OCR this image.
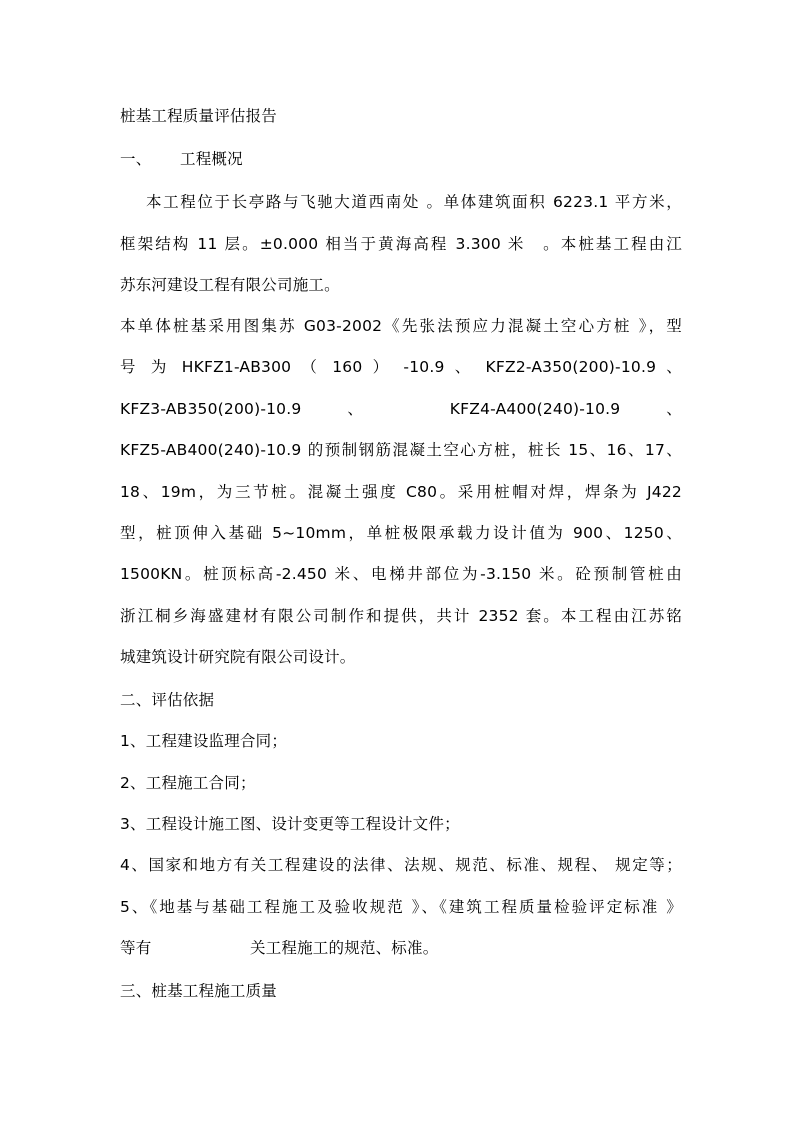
桩基工程质量评估报告
一、 工程概况
本工程位于长亭路与飞驰大道西南处 。单体建筑面积 6223.1 平方米，
框架结构 11 层。±0.000 相当于黄海高程 3.300 米　。本桩基工程由江
苏东河建设工程有限公司施工。
本单体桩基采用图集苏 G03-2002《先张法预应力混凝土空心方桩 》，型
号 为 HKFZ1-AB300 （ 160 ） -10.9 、 KFZ2-A350(200)-10.9 、
KFZ3-AB350(200)-10.9 、 KFZ4-A400(240)-10.9 、
KFZ5-AB400(240)-10.9 的预制钢筋混凝土空心方桩，桩长 15、16、17、
18、19m，为三节桩。混凝土强度 C80。采用桩帽对焊，焊条为 J422
型，桩顶伸入基础 5~10mm，单桩极限承载力设计值为 900、1250、
1500KN。桩顶标高-2.450 米、电梯井部位为-3.150 米。砼预制管桩由
浙江桐乡海盛建材有限公司制作和提供，共计 2352 套。本工程由江苏铭
城建筑设计研究院有限公司设计。
二、评估依据
1、工程建设监理合同；
2、工程施工合同；
3、工程设计施工图、设计变更等工程设计文件；
4、国家和地方有关工程建设的法律、法规、规范、标准、规程、 规定等；
5、《地基与基础工程施工及验收规范 》、《建筑工程质量检验评定标准 》
等有	关工程施工的规范、标准。
三、桩基工程施工质量
